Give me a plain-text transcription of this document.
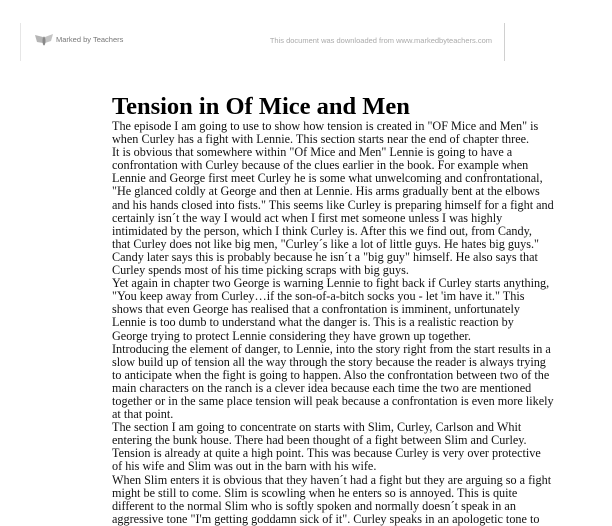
Marked by Teachers	This document was downloaded from www.markedbyteachers.com
Tension in Of Mice and Men
The episode I am going to use to show how tension is created in "OF Mice and Men" is
when Curley has a fight with Lennie. This section starts near the end of chapter three.
It is obvious that somewhere within "Of Mice and Men" Lennie is going to have a
confrontation with Curley because of the clues earlier in the book. For example when
Lennie and George first meet Curley he is some what unwelcoming and confrontational,
"He glanced coldly at George and then at Lennie. His arms gradually bent at the elbows
and his hands closed into fists." This seems like Curley is preparing himself for a fight and
certainly isn´t the way I would act when I first met someone unless I was highly
intimidated by the person, which I think Curley is. After this we find out, from Candy,
that Curley does not like big men, "Curley´s like a lot of little guys. He hates big guys."
Candy later says this is probably because he isn´t a "big guy" himself. He also says that
Curley spends most of his time picking scraps with big guys.
Yet again in chapter two George is warning Lennie to fight back if Curley starts anything,
"You keep away from Curley…if the son-of-a-bitch socks you - let 'im have it." This
shows that even George has realised that a confrontation is imminent, unfortunately
Lennie is too dumb to understand what the danger is. This is a realistic reaction by
George trying to protect Lennie considering they have grown up together.
Introducing the element of danger, to Lennie, into the story right from the start results in a
slow build up of tension all the way through the story because the reader is always trying
to anticipate when the fight is going to happen. Also the confrontation between two of the
main characters on the ranch is a clever idea because each time the two are mentioned
together or in the same place tension will peak because a confrontation is even more likely
at that point.
The section I am going to concentrate on starts with Slim, Curley, Carlson and Whit
entering the bunk house. There had been thought of a fight between Slim and Curley.
Tension is already at quite a high point. This was because Curley is very over protective
of his wife and Slim was out in the barn with his wife.
When Slim enters it is obvious that they haven´t had a fight but they are arguing so a fight
might be still to come. Slim is scowling when he enters so is annoyed. This is quite
different to the normal Slim who is softly spoken and normally doesn´t speak in an
aggressive tone "I'm getting goddamn sick of it". Curley speaks in an apologetic tone to
